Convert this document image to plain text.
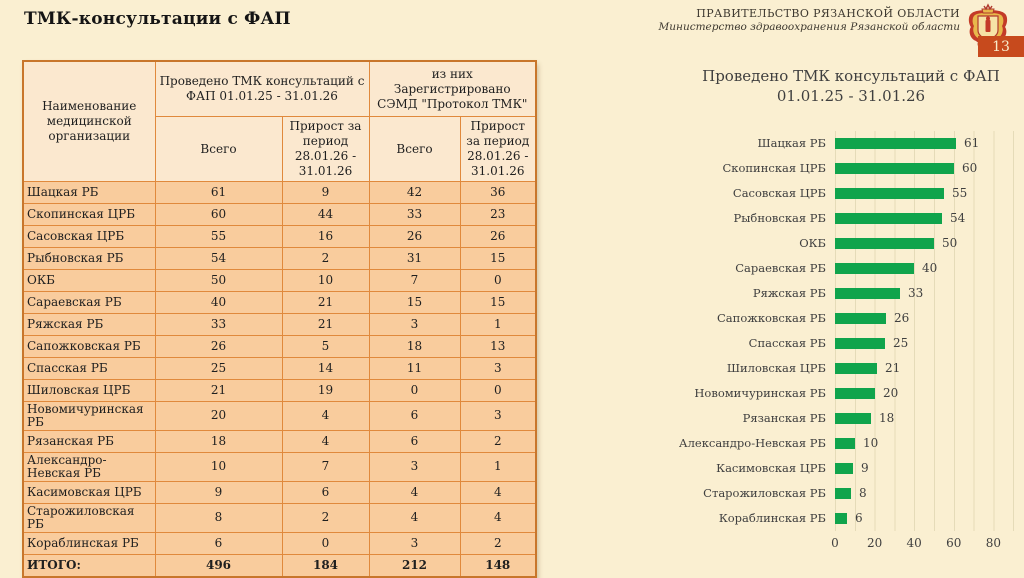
ТМК-консультации с ФАП	ПРАВИТЕЛЬСТВО РЯЗАНСКОЙ ОБЛАСТИ
Министерство здравоохранения Рязанской области
13
Наименование медицинской организации	Проведено ТМК консультаций с ФАП 01.01.25 - 31.01.26		из них Зарегистрировано СЭМД "Протокол ТМК"	
	Всего	Прирост за период 28.01.26 - 31.01.26	Всего	Прирост за период 28.01.26 - 31.01.26
Шацкая РБ	61	9	42	36
Скопинская ЦРБ	60	44	33	23
Сасовская ЦРБ	55	16	26	26
Рыбновская РБ	54	2	31	15
ОКБ	50	10	7	0
Сараевская РБ	40	21	15	15
Ряжская РБ	33	21	3	1
Сапожковская РБ	26	5	18	13
Спасская РБ	25	14	11	3
Шиловская ЦРБ	21	19	0	0
Новомичуринская РБ	20	4	6	3
Рязанская РБ	18	4	6	2
Александро-Невская РБ	10	7	3	1
Касимовская ЦРБ	9	6	4	4
Старожиловская РБ	8	2	4	4
Кораблинская РБ	6	0	3	2
ИТОГО:	496	184	212	148
Проведено ТМК консультаций с ФАП 01.01.25 - 31.01.26
Шацкая РБ	61
Скопинская ЦРБ	60
Сасовская ЦРБ	55
Рыбновская РБ	54
ОКБ	50
Сараевская РБ	40
Ряжская РБ	33
Сапожковская РБ	26
Спасская РБ	25
Шиловская ЦРБ	21
Новомичуринская РБ	20
Рязанская РБ	18
Александро-Невская РБ	10
Касимовская ЦРБ	9
Старожиловская РБ	8
Кораблинская РБ	6
0 20 40 60 80
